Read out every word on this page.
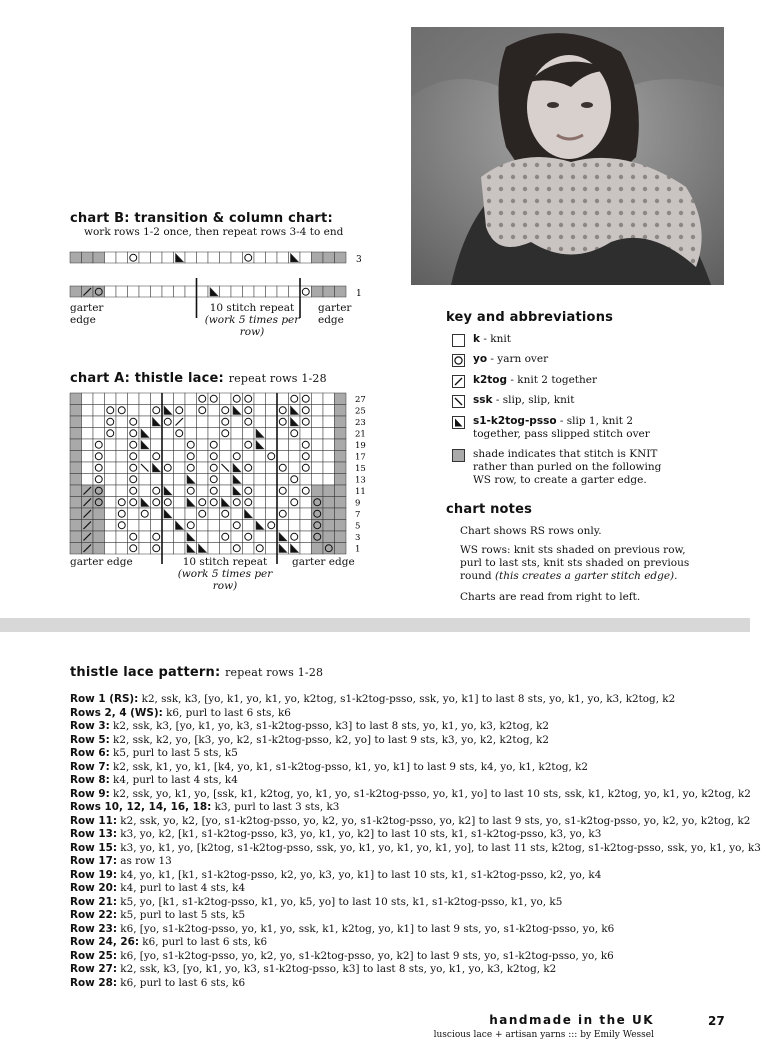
chart B: transition & column chart:
work rows 1-2 once, then repeat rows 3-4 to end
3
1
garter
edge
10 stitch repeat
(work 5 times per row)
garter
edge
chart A: thistle lace: repeat rows 1-28
27
25
23
21
19
17
15
13
11
9
7
5
3
1
garter edge	10 stitch repeat
(work 5 times per row)
garter edge
key and abbreviations
k - knit
yo - yarn over
k2tog - knit 2 together
ssk - slip, slip, knit
s1-k2tog-psso - slip 1, knit 2 together, pass slipped stitch over
shade indicates that stitch is KNIT rather than purled on the following WS row, to create a garter edge.
chart notes

Chart shows RS rows only.

WS rows: knit sts shaded on previous row, purl to last sts, knit sts shaded on previous round (this creates a garter stitch edge).

Charts are read from right to left.

thistle lace pattern: repeat rows 1-28
Row 1 (RS): k2, ssk, k3, [yo, k1, yo, k1, yo, k2tog, s1-k2tog-psso, ssk, yo, k1] to last 8 sts, yo, k1, yo, k3, k2tog, k2
Rows 2, 4 (WS): k6, purl to last 6 sts, k6
Row 3: k2, ssk, k3, [yo, k1, yo, k3, s1-k2tog-psso, k3] to last 8 sts, yo, k1, yo, k3, k2tog, k2
Row 5: k2, ssk, k2, yo, [k3, yo, k2, s1-k2tog-psso, k2, yo] to last 9 sts, k3, yo, k2, k2tog, k2
Row 6: k5, purl to last 5 sts, k5
Row 7: k2, ssk, k1, yo, k1, [k4, yo, k1, s1-k2tog-psso, k1, yo, k1] to last 9 sts, k4, yo, k1, k2tog, k2
Row 8: k4, purl to last 4 sts, k4
Row 9: k2, ssk, yo, k1, yo, [ssk, k1, k2tog, yo, k1, yo, s1-k2tog-psso, yo, k1, yo] to last 10 sts, ssk, k1, k2tog, yo, k1, yo, k2tog, k2
Rows 10, 12, 14, 16, 18: k3, purl to last 3 sts, k3
Row 11: k2, ssk, yo, k2, [yo, s1-k2tog-psso, yo, k2, yo, s1-k2tog-psso, yo, k2] to last 9 sts, yo, s1-k2tog-psso, yo, k2, yo, k2tog, k2
Row 13: k3, yo, k2, [k1, s1-k2tog-psso, k3, yo, k1, yo, k2] to last 10 sts, k1, s1-k2tog-psso, k3, yo, k3
Row 15: k3, yo, k1, yo, [k2tog, s1-k2tog-psso, ssk, yo, k1, yo, k1, yo, k1, yo], to last 11 sts, k2tog, s1-k2tog-psso, ssk, yo, k1, yo, k3
Row 17: as row 13
Row 19: k4, yo, k1, [k1, s1-k2tog-psso, k2, yo, k3, yo, k1] to last 10 sts, k1, s1-k2tog-psso, k2, yo, k4
Row 20: k4, purl to last 4 sts, k4
Row 21: k5, yo, [k1, s1-k2tog-psso, k1, yo, k5, yo] to last 10 sts, k1, s1-k2tog-psso, k1, yo, k5
Row 22: k5, purl to last 5 sts, k5
Row 23: k6, [yo, s1-k2tog-psso, yo, k1, yo, ssk, k1, k2tog, yo, k1] to last 9 sts, yo, s1-k2tog-psso, yo, k6
Row 24, 26: k6, purl to last 6 sts, k6
Row 25: k6, [yo, s1-k2tog-psso, yo, k2, yo, s1-k2tog-psso, yo, k2] to last 9 sts, yo, s1-k2tog-psso, yo, k6
Row 27: k2, ssk, k3, [yo, k1, yo, k3, s1-k2tog-psso, k3] to last 8 sts, yo, k1, yo, k3, k2tog, k2
Row 28: k6, purl to last 6 sts, k6
handmade in the UK
luscious lace + artisan yarns ::: by Emily Wessel
27
